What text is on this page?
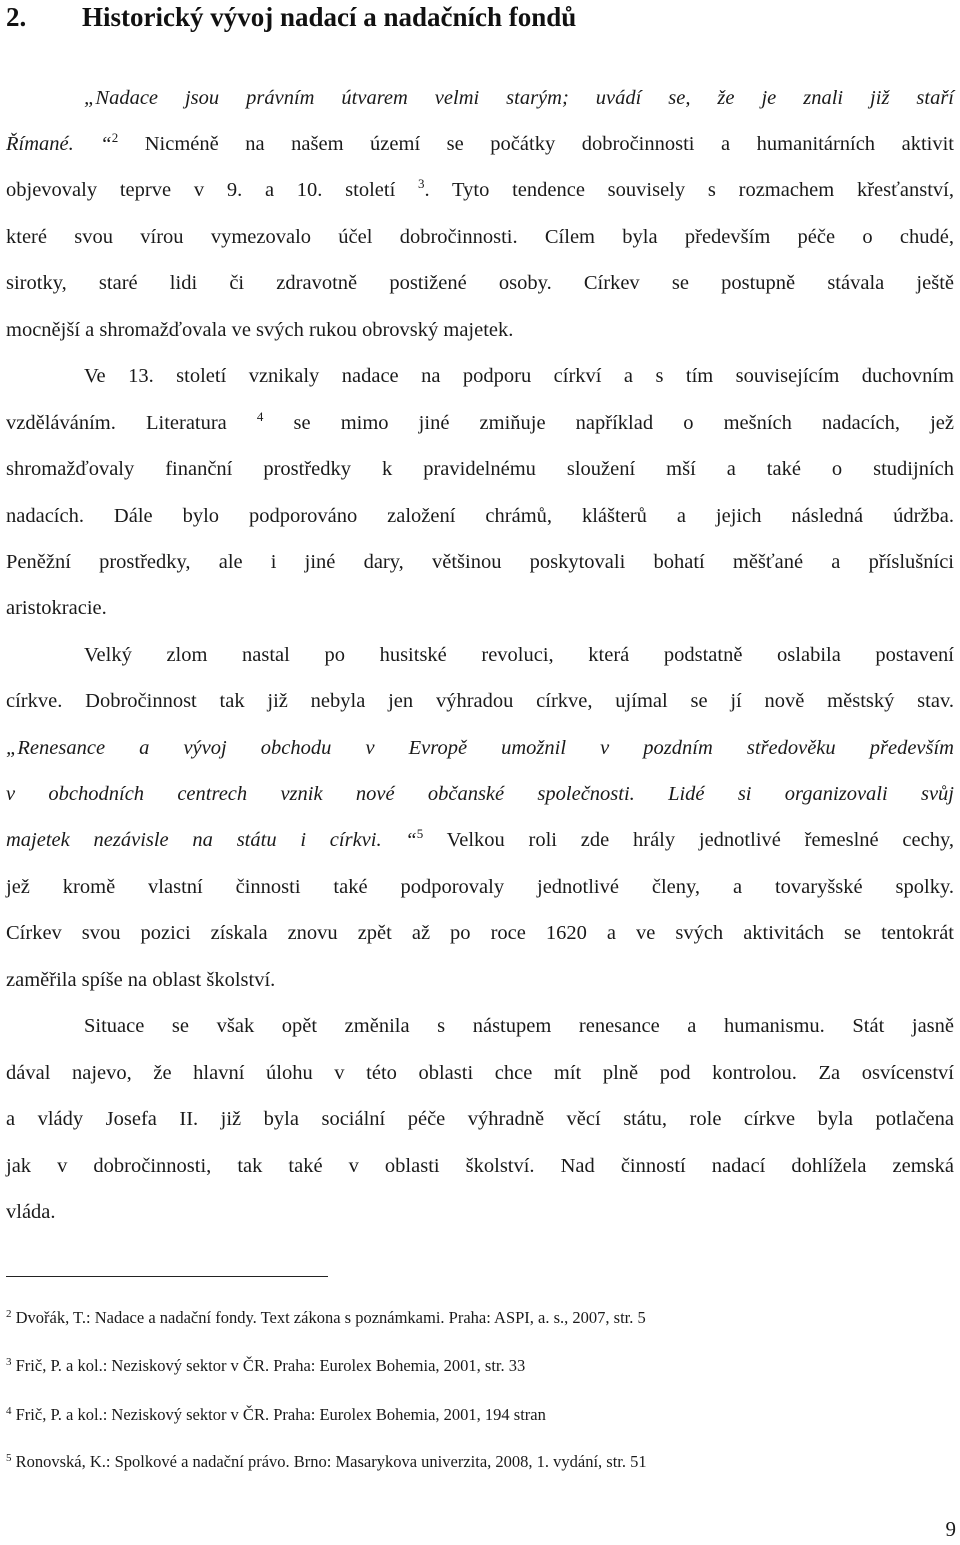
2. Historický vývoj nadací a nadačních fondů
„Nadace jsou právním útvarem velmi starým; uvádí se, že je znali již staří
Římané. “$^2$ Nicméně na našem území se počátky dobročinnosti a humanitárních aktivit
objevovaly teprve v 9. a 10. století $^3$. Tyto tendence souvisely s rozmachem křesťanství,
které svou vírou vymezovalo účel dobročinnosti. Cílem byla především péče o chudé,
sirotky, staré lidi či zdravotně postižené osoby. Církev se postupně stávala ještě
mocnější a shromažďovala ve svých rukou obrovský majetek.
Ve 13. století vznikaly nadace na podporu církví a s tím souvisejícím duchovním
vzděláváním. Literatura $^4$ se mimo jiné zmiňuje například o mešních nadacích, jež
shromažďovaly finanční prostředky k pravidelnému sloužení mší a také o studijních
nadacích. Dále bylo podporováno založení chrámů, klášterů a jejich následná údržba.
Peněžní prostředky, ale i jiné dary, většinou poskytovali bohatí měšťané a příslušníci
aristokracie.
Velký zlom nastal po husitské revoluci, která podstatně oslabila postavení
církve. Dobročinnost tak již nebyla jen výhradou církve, ujímal se jí nově městský stav.
„Renesance a vývoj obchodu v Evropě umožnil v pozdním středověku především
v obchodních centrech vznik nové občanské společnosti. Lidé si organizovali svůj
majetek nezávisle na státu i církvi. “$^5$ Velkou roli zde hrály jednotlivé řemeslné cechy,
jež kromě vlastní činnosti také podporovaly jednotlivé členy, a tovaryšské spolky.
Církev svou pozici získala znovu zpět až po roce 1620 a ve svých aktivitách se tentokrát
zaměřila spíše na oblast školství.
Situace se však opět změnila s nástupem renesance a humanismu. Stát jasně
dával najevo, že hlavní úlohu v této oblasti chce mít plně pod kontrolou. Za osvícenství
a vlády Josefa II. již byla sociální péče výhradně věcí státu, role církve byla potlačena
jak v dobročinnosti, tak také v oblasti školství. Nad činností nadací dohlížela zemská
vláda.
$^2$ Dvořák, T.: Nadace a nadační fondy. Text zákona s poznámkami. Praha: ASPI, a. s., 2007, str. 5
$^3$ Frič, P. a kol.: Neziskový sektor v ČR. Praha: Eurolex Bohemia, 2001, str. 33
$^4$ Frič, P. a kol.: Neziskový sektor v ČR. Praha: Eurolex Bohemia, 2001, 194 stran
$^5$ Ronovská, K.: Spolkové a nadační právo. Brno: Masarykova univerzita, 2008, 1. vydání, str. 51
9
